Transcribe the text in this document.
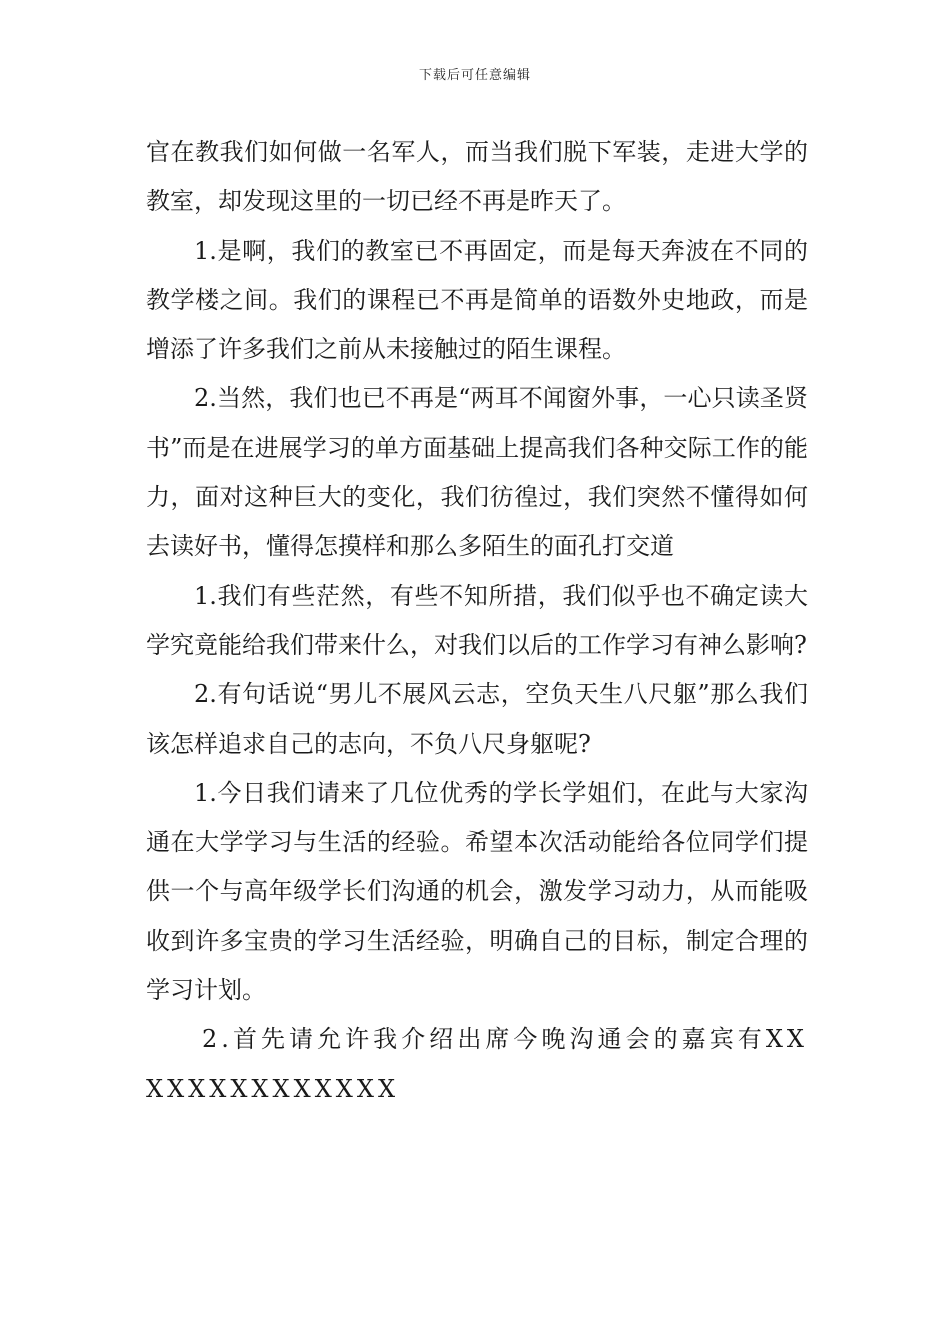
下载后可任意编辑

官在教我们如何做一名军人，而当我们脱下军装，走进大学的教室，却发现这里的一切已经不再是昨天了。

1.是啊，我们的教室已不再固定，而是每天奔波在不同的教学楼之间。我们的课程已不再是简单的语数外史地政，而是增添了许多我们之前从未接触过的陌生课程。

2.当然，我们也已不再是“两耳不闻窗外事，一心只读圣贤书”而是在进展学习的单方面基础上提高我们各种交际工作的能力，面对这种巨大的变化，我们彷徨过，我们突然不懂得如何去读好书，懂得怎摸样和那么多陌生的面孔打交道

1.我们有些茫然，有些不知所措，我们似乎也不确定读大学究竟能给我们带来什么，对我们以后的工作学习有神么影响?

2.有句话说“男儿不展风云志，空负天生八尺躯”那么我们该怎样追求自己的志向，不负八尺身躯呢?

1.今日我们请来了几位优秀的学长学姐们，在此与大家沟通在大学学习与生活的经验。希望本次活动能给各位同学们提供一个与高年级学长们沟通的机会，激发学习动力，从而能吸收到许多宝贵的学习生活经验，明确自己的目标，制定合理的学习计划。

2.首先请允许我介绍出席今晚沟通会的嘉宾有XXXXXXXXXXXXXX
